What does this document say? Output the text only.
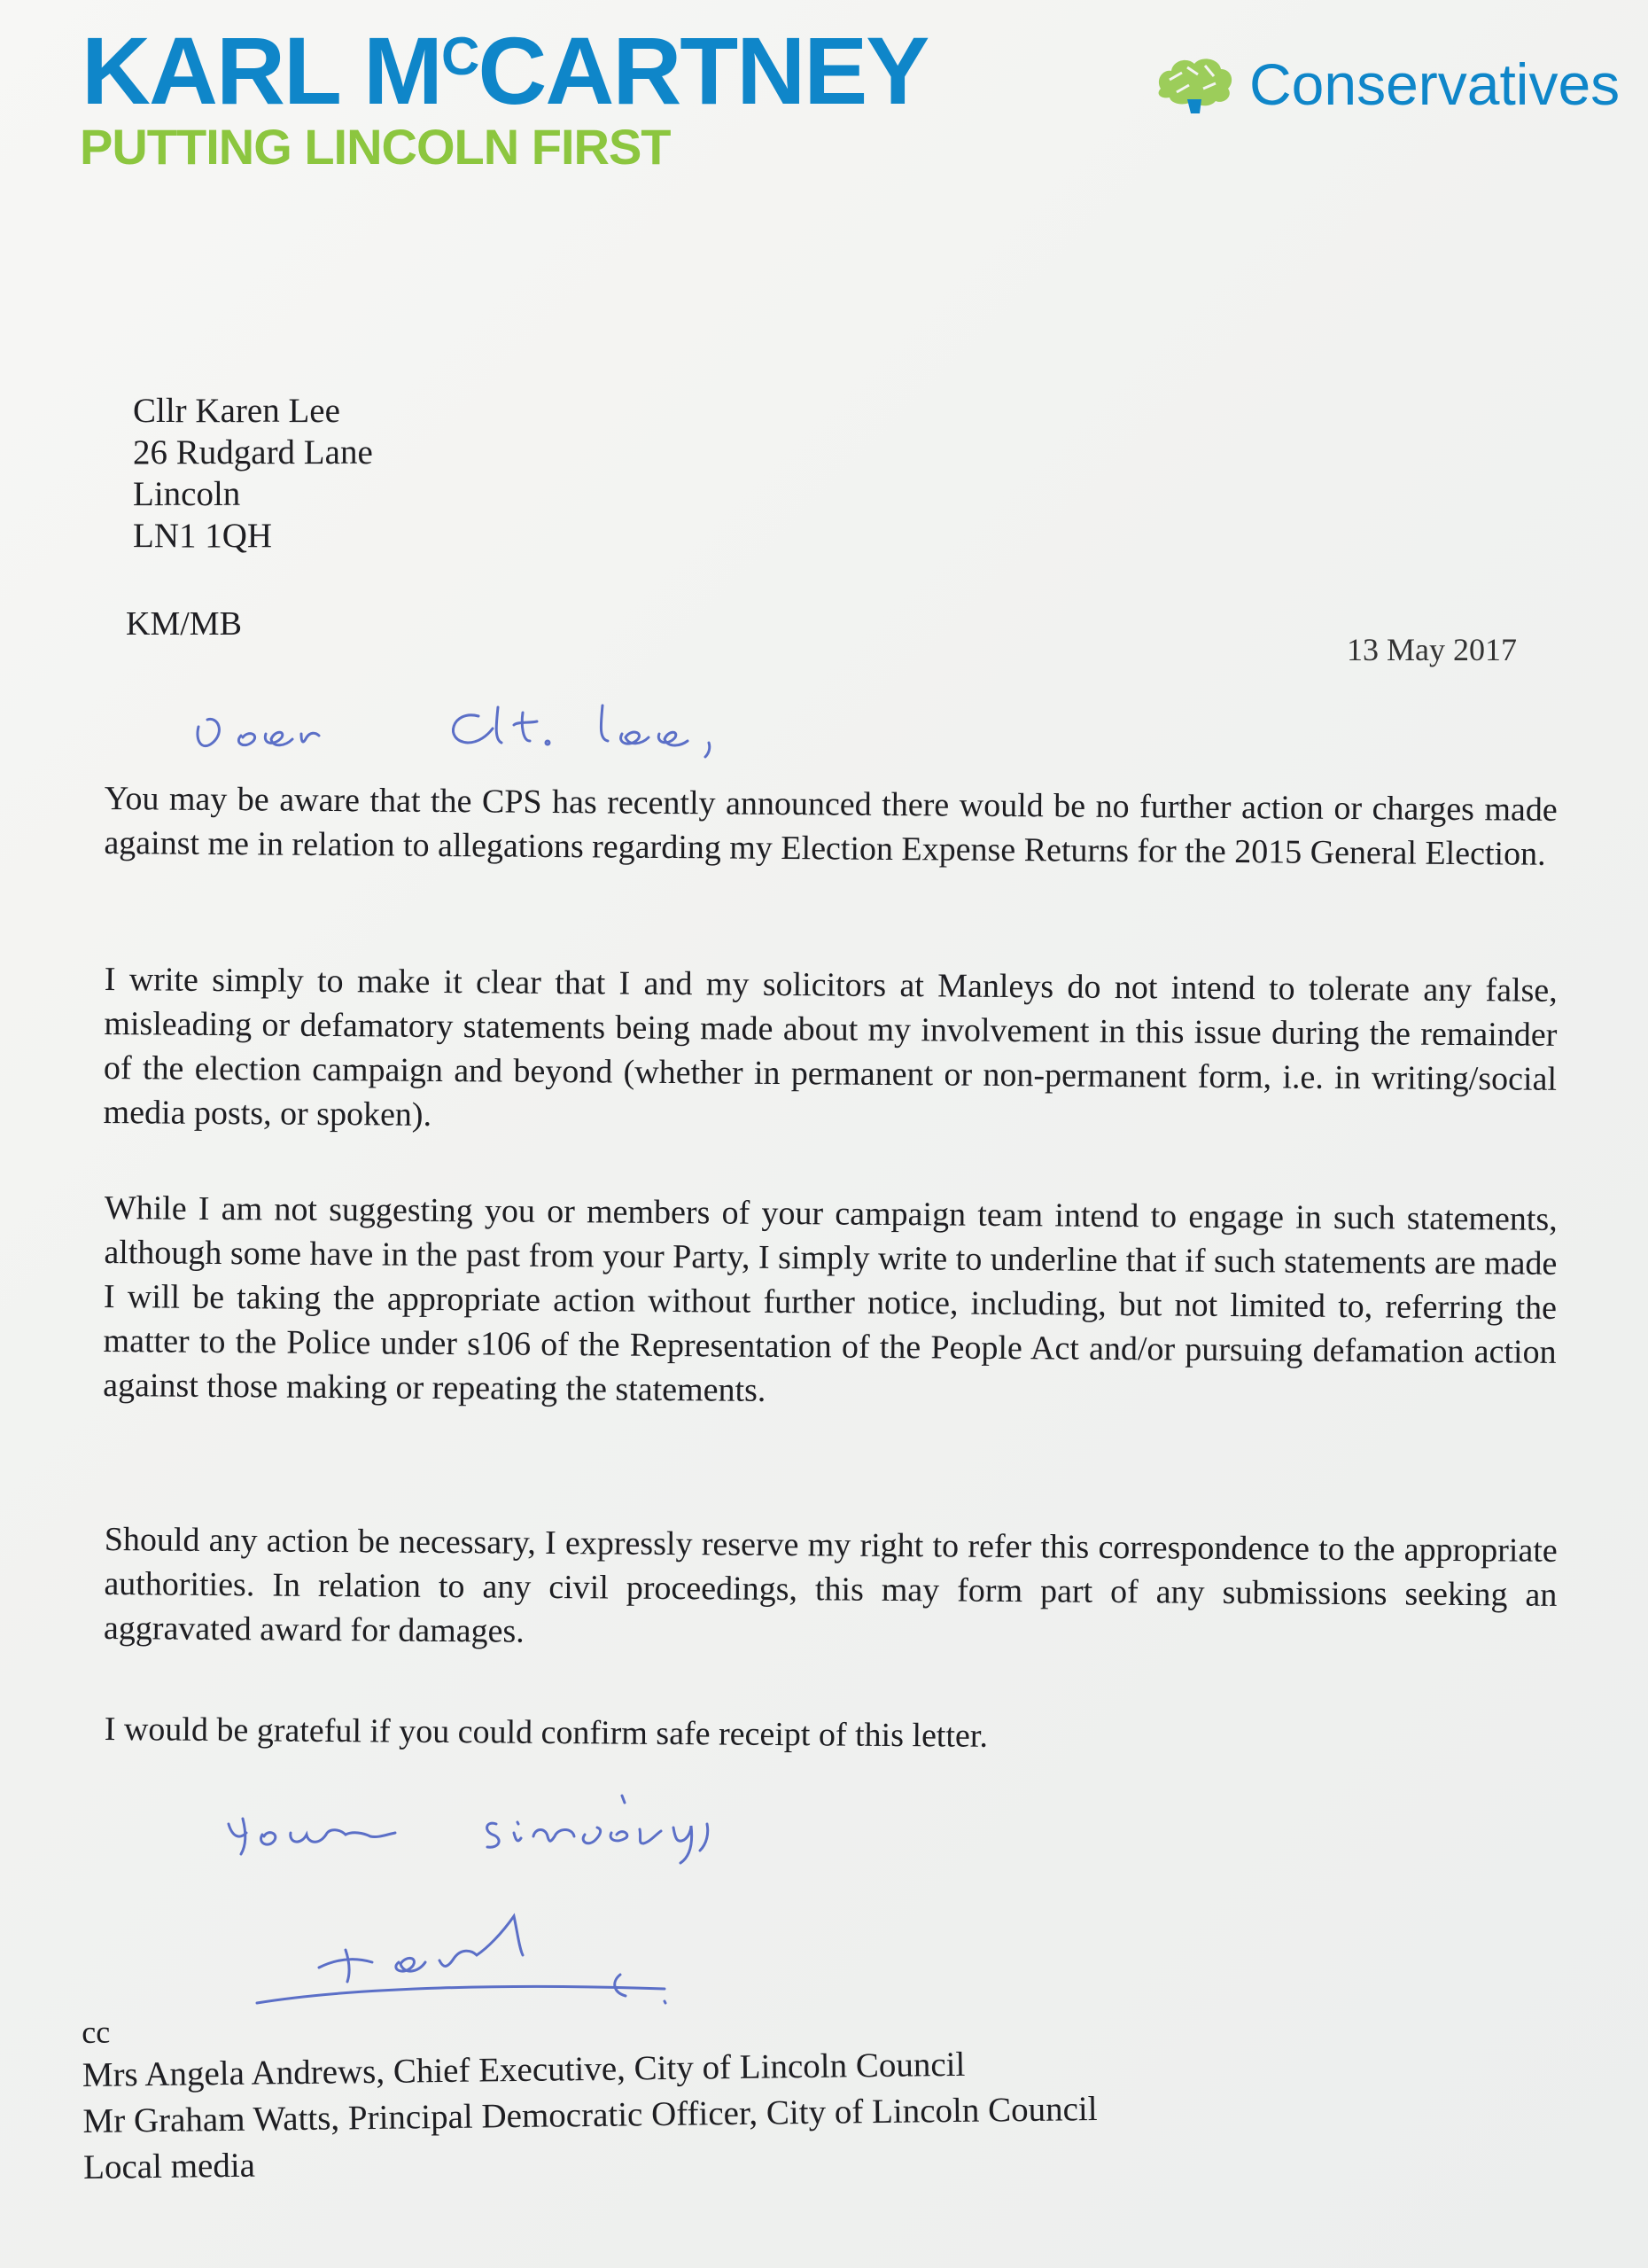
KARL $M^CCARTNEY$
PUTTING LINCOLN FIRST
Conservatives
Cllr Karen Lee
26 Rudgard Lane
Lincoln
LN1 1QH
KM/MB
13 May 2017

You may be aware that the CPS has recently announced there would be no further action or charges made against me in relation to allegations regarding my Election Expense Returns for the 2015 General Election.

I write simply to make it clear that I and my solicitors at Manleys do not intend to tolerate any false, misleading or defamatory statements being made about my involvement in this issue during the remainder of the election campaign and beyond (whether in permanent or non-permanent form, i.e. in writing/social media posts, or spoken).

While I am not suggesting you or members of your campaign team intend to engage in such statements, although some have in the past from your Party, I simply write to underline that if such statements are made I will be taking the appropriate action without further notice, including, but not limited to, referring the matter to the Police under s106 of the Representation of the People Act and/or pursuing defamation action against those making or repeating the statements.

Should any action be necessary, I expressly reserve my right to refer this correspondence to the appropriate authorities. In relation to any civil proceedings, this may form part of any submissions seeking an aggravated award for damages.

I would be grateful if you could confirm safe receipt of this letter.

cc
Mrs Angela Andrews, Chief Executive, City of Lincoln Council
Mr Graham Watts, Principal Democratic Officer, City of Lincoln Council
Local media
